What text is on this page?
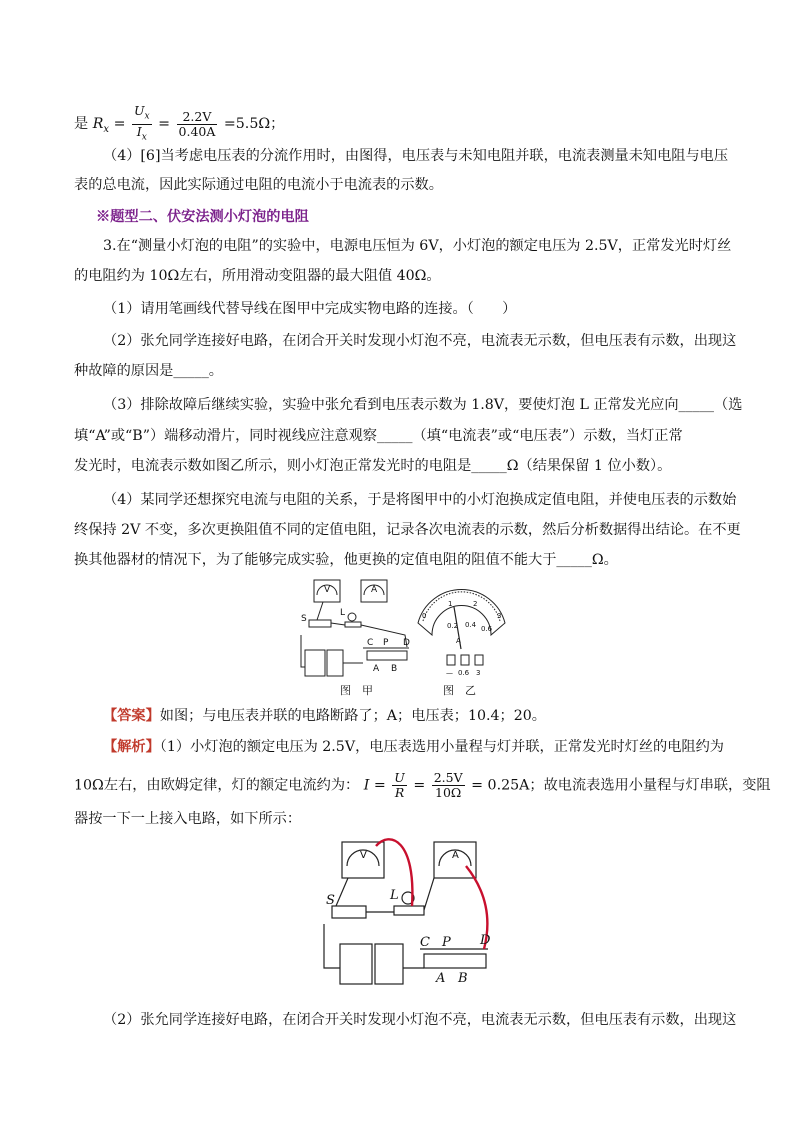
是 $R_x = \frac{U_x}{I_x} = \frac{2.2V}{0.40A} =5.5\Omega$；
（4）[6]当考虑电压表的分流作用时，由图得，电压表与未知电阻并联，电流表测量未知电阻与电压
表的总电流，因此实际通过电阻的电流小于电流表的示数。
※题型二、伏安法测小灯泡的电阻
3.在“测量小灯泡的电阻”的实验中，电源电压恒为 6V，小灯泡的额定电压为 2.5V，正常发光时灯丝
的电阻约为 10Ω左右，所用滑动变阻器的最大阻值 40Ω。
（1）请用笔画线代替导线在图甲中完成实物电路的连接。（　　）
（2）张允同学连接好电路，在闭合开关时发现小灯泡不亮，电流表无示数，但电压表有示数，出现这
种故障的原因是_____。
（3）排除故障后继续实验，实验中张允看到电压表示数为 1.8V，要使灯泡 L 正常发光应向_____（选
填“A”或“B”）端移动滑片，同时视线应注意观察_____（填“电流表”或“电压表”）示数，当灯正常
发光时，电流表示数如图乙所示，则小灯泡正常发光时的电阻是_____Ω（结果保留 1 位小数）。
（4）某同学还想探究电流与电阻的关系，于是将图甲中的小灯泡换成定值电阻，并使电压表的示数始
终保持 2V 不变，多次更换阻值不同的定值电阻，记录各次电流表的示数，然后分析数据得出结论。在不更
换其他器材的情况下，为了能够完成实验，他更换的定值电阻的阻值不能大于_____Ω。
S
L
C P D
A B
V	A
0
1	2
3
0.2 0.4 0.6
A
— 0.6 3
图　甲	图　乙
【答案】如图；与电压表并联的电路断路了；A；电压表；10.4；20。
【解析】（1）小灯泡的额定电压为 2.5V，电压表选用小量程与灯并联，正常发光时灯丝的电阻约为
10Ω左右，由欧姆定律，灯的额定电流约为： $I = \frac{U}{R} = \frac{2.5V}{10\Omega} = 0.25A$；故电流表选用小量程与灯串联，变阻
器按一下一上接入电路，如下所示：
S	L
C P D
A B
V	A
（2）张允同学连接好电路，在闭合开关时发现小灯泡不亮，电流表无示数，但电压表有示数，出现这
